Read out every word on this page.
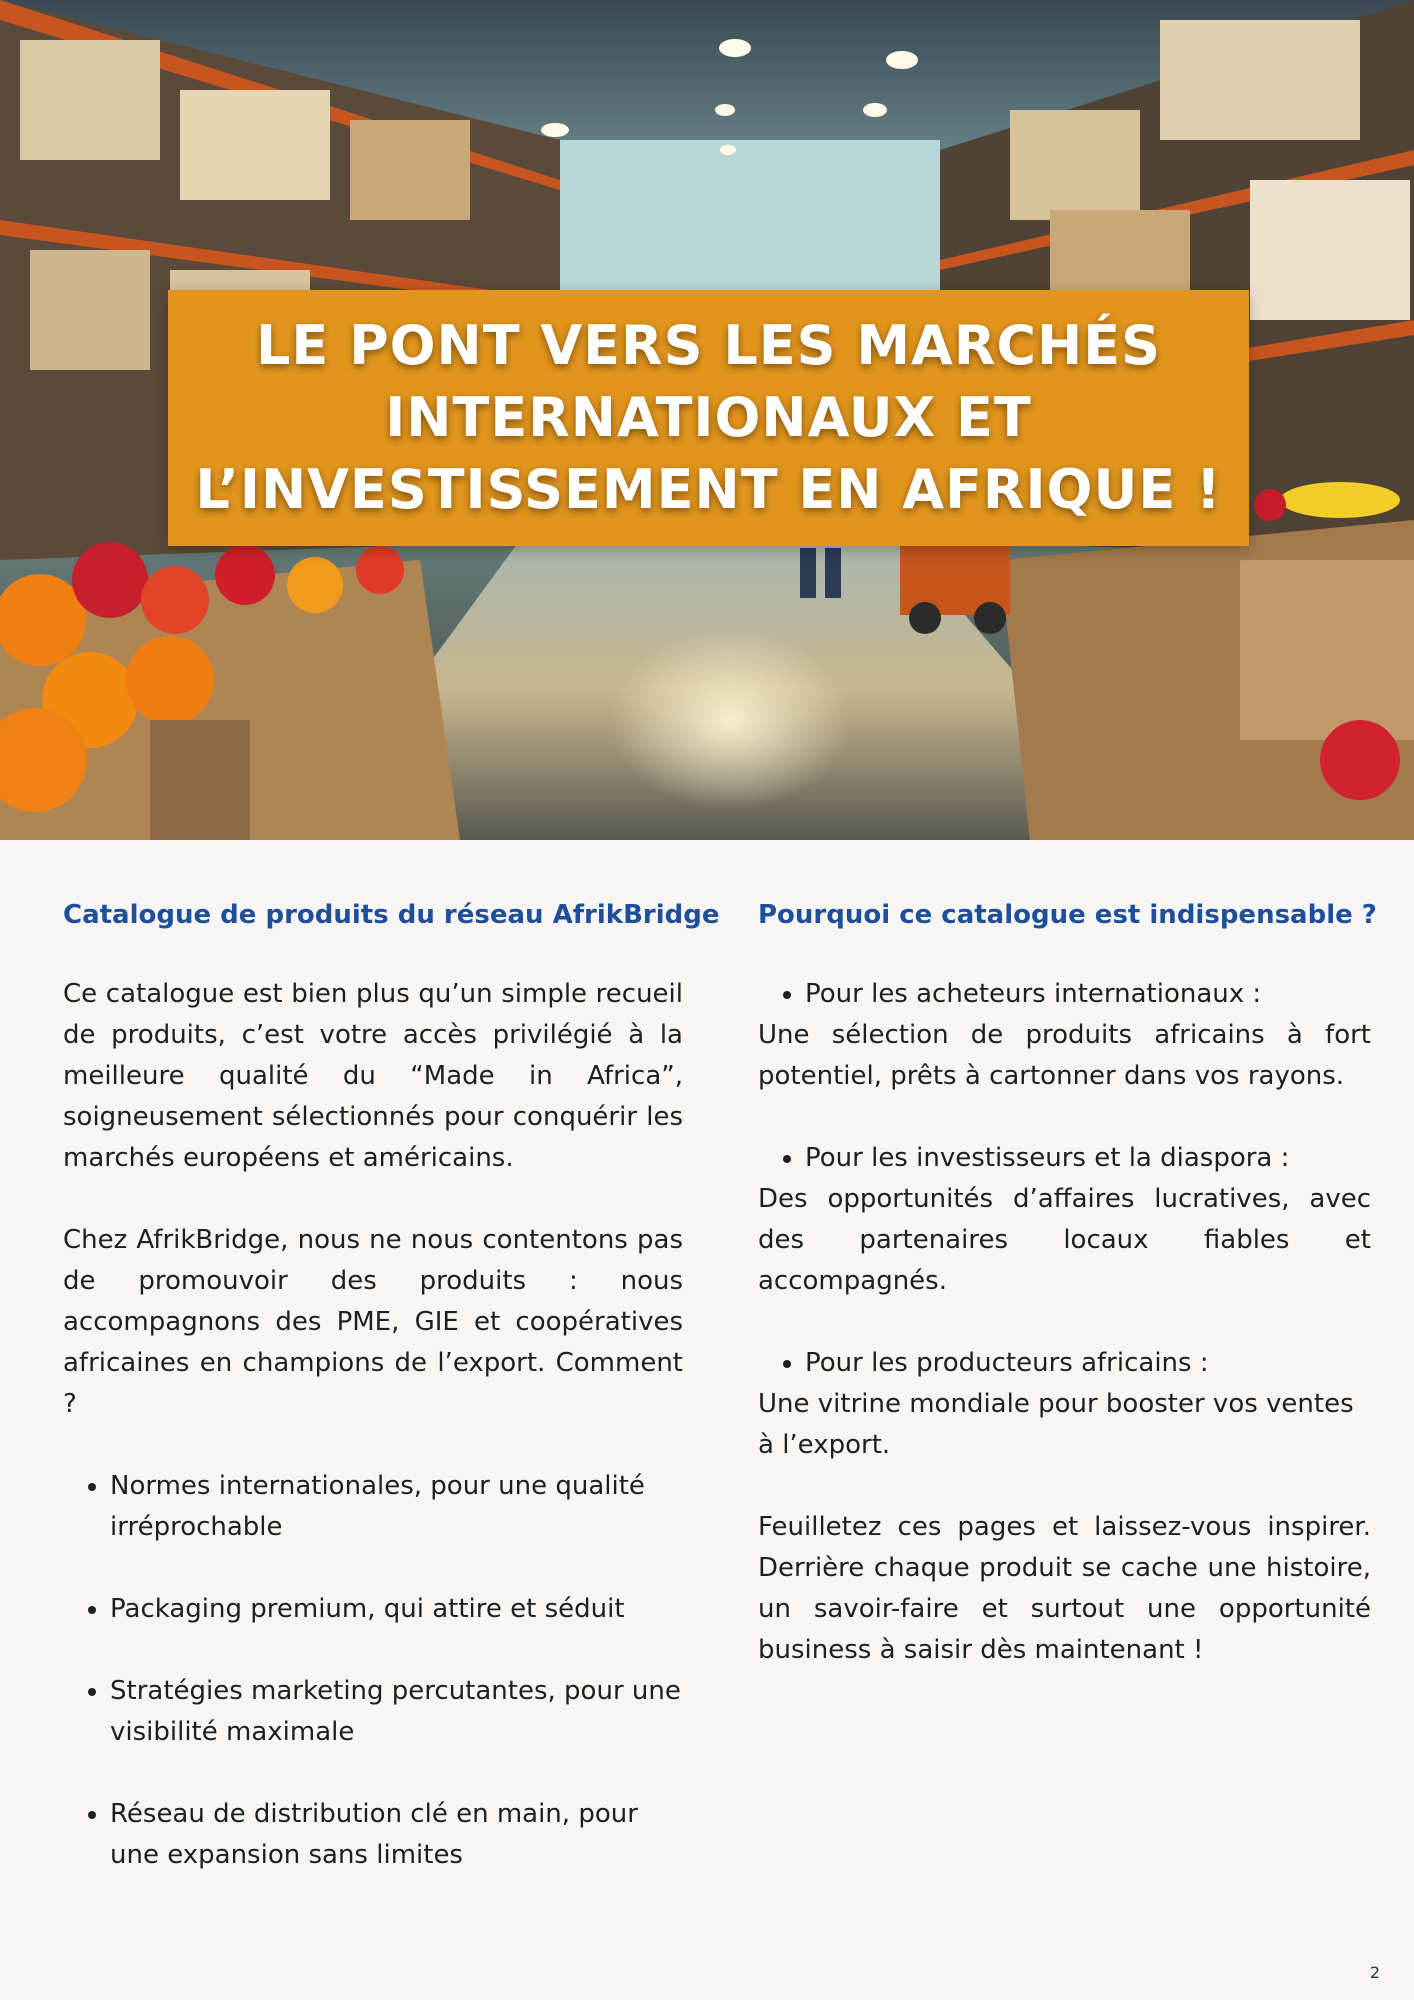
LE PONT VERS LES MARCHÉS INTERNATIONAUX ET L’INVESTISSEMENT EN AFRIQUE !
Catalogue de produits du réseau AfrikBridge

Ce catalogue est bien plus qu’un simple recueil de produits, c’est votre accès privilégié à la meilleure qualité du “Made in Africa”, soigneusement sélectionnés pour conquérir les marchés européens et américains.

Chez AfrikBridge, nous ne nous contentons pas de promouvoir des produits : nous accompagnons des PME, GIE et coopératives africaines en champions de l’export. Comment ?

• Normes internationales, pour une qualité irréprochable
• Packaging premium, qui attire et séduit
• Stratégies marketing percutantes, pour une visibilité maximale
• Réseau de distribution clé en main, pour une expansion sans limites
Pourquoi ce catalogue est indispensable ?
• Pour les acheteurs internationaux :

Une sélection de produits africains à fort potentiel, prêts à cartonner dans vos rayons.

• Pour les investisseurs et la diaspora :

Des opportunités d’affaires lucratives, avec des partenaires locaux fiables et accompagnés.

• Pour les producteurs africains :

Une vitrine mondiale pour booster vos ventes à l’export.

Feuilletez ces pages et laissez-vous inspirer. Derrière chaque produit se cache une histoire, un savoir-faire et surtout une opportunité business à saisir dès maintenant !

2
